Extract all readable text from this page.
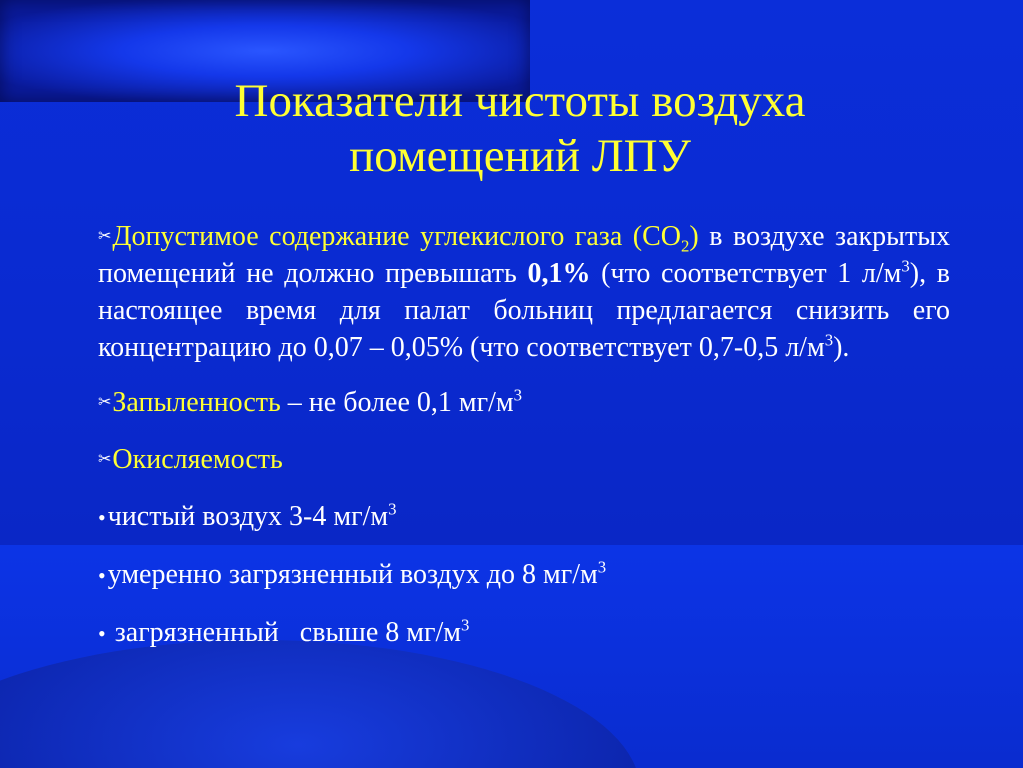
Показатели чистоты воздуха
помещений ЛПУ

✂Допустимое содержание углекислого газа $(СО_2)$ в воздухе закрытых помещений не должно превышать 0,1% (что соответствует 1 $л/м^3$), в настоящее время для палат больниц предлагается снизить его концентрацию до 0,07 – 0,05% (что соответствует 0,7-0,5 $л/м^3$).

✂Запыленность – не более 0,1 $мг/м^3$

✂Окисляемость

•чистый воздух 3-4 $мг/м^3$

•умеренно загрязненный воздух до 8 $мг/м^3$

• загрязненный   свыше 8 $мг/м^3$
